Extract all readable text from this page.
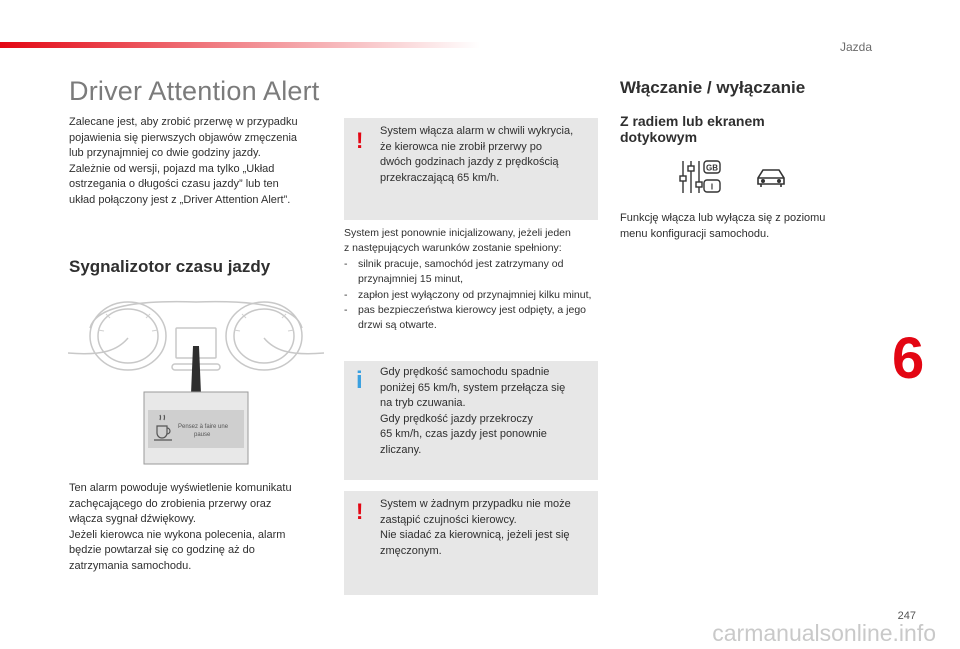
Jazda
Driver Attention Alert
Zalecane jest, aby zrobić przerwę w przypadku
pojawienia się pierwszych objawów zmęczenia
lub przynajmniej co dwie godziny jazdy.
Zależnie od wersji, pojazd ma tylko „Układ
ostrzegania o długości czasu jazdy” lub ten
układ połączony jest z „Driver Attention Alert”.
Sygnalizotor czasu jazdy
Pensez à faire une
pause
Ten alarm powoduje wyświetlenie komunikatu
zachęcającego do zrobienia przerwy oraz
włącza sygnał dźwiękowy.
Jeżeli kierowca nie wykona polecenia, alarm
będzie powtarzał się co godzinę aż do
zatrzymania samochodu.
! System włącza alarm w chwili wykrycia,
że kierowca nie zrobił przerwy po
dwóch godzinach jazdy z prędkością
przekraczającą 65 km/h.
System jest ponownie inicjalizowany, jeżeli jeden
z następujących warunków zostanie spełniony:
- silnik pracuje, samochód jest zatrzymany od przynajmniej 15 minut,
- zapłon jest wyłączony od przynajmniej kilku minut,
- pas bezpieczeństwa kierowcy jest odpięty, a jego drzwi są otwarte.
i Gdy prędkość samochodu spadnie
poniżej 65 km/h, system przełącza się
na tryb czuwania.
Gdy prędkość jazdy przekroczy
65 km/h, czas jazdy jest ponownie
zliczany.
! System w żadnym przypadku nie może
zastąpić czujności kierowcy.
Nie siadać za kierownicą, jeżeli jest się
zmęczonym.
Włączanie / wyłączanie
Z radiem lub ekranem
dotykowym
GB
I
Funkcję włącza lub wyłącza się z poziomu
menu konfiguracji samochodu.
6
247
carmanualsonline.info
